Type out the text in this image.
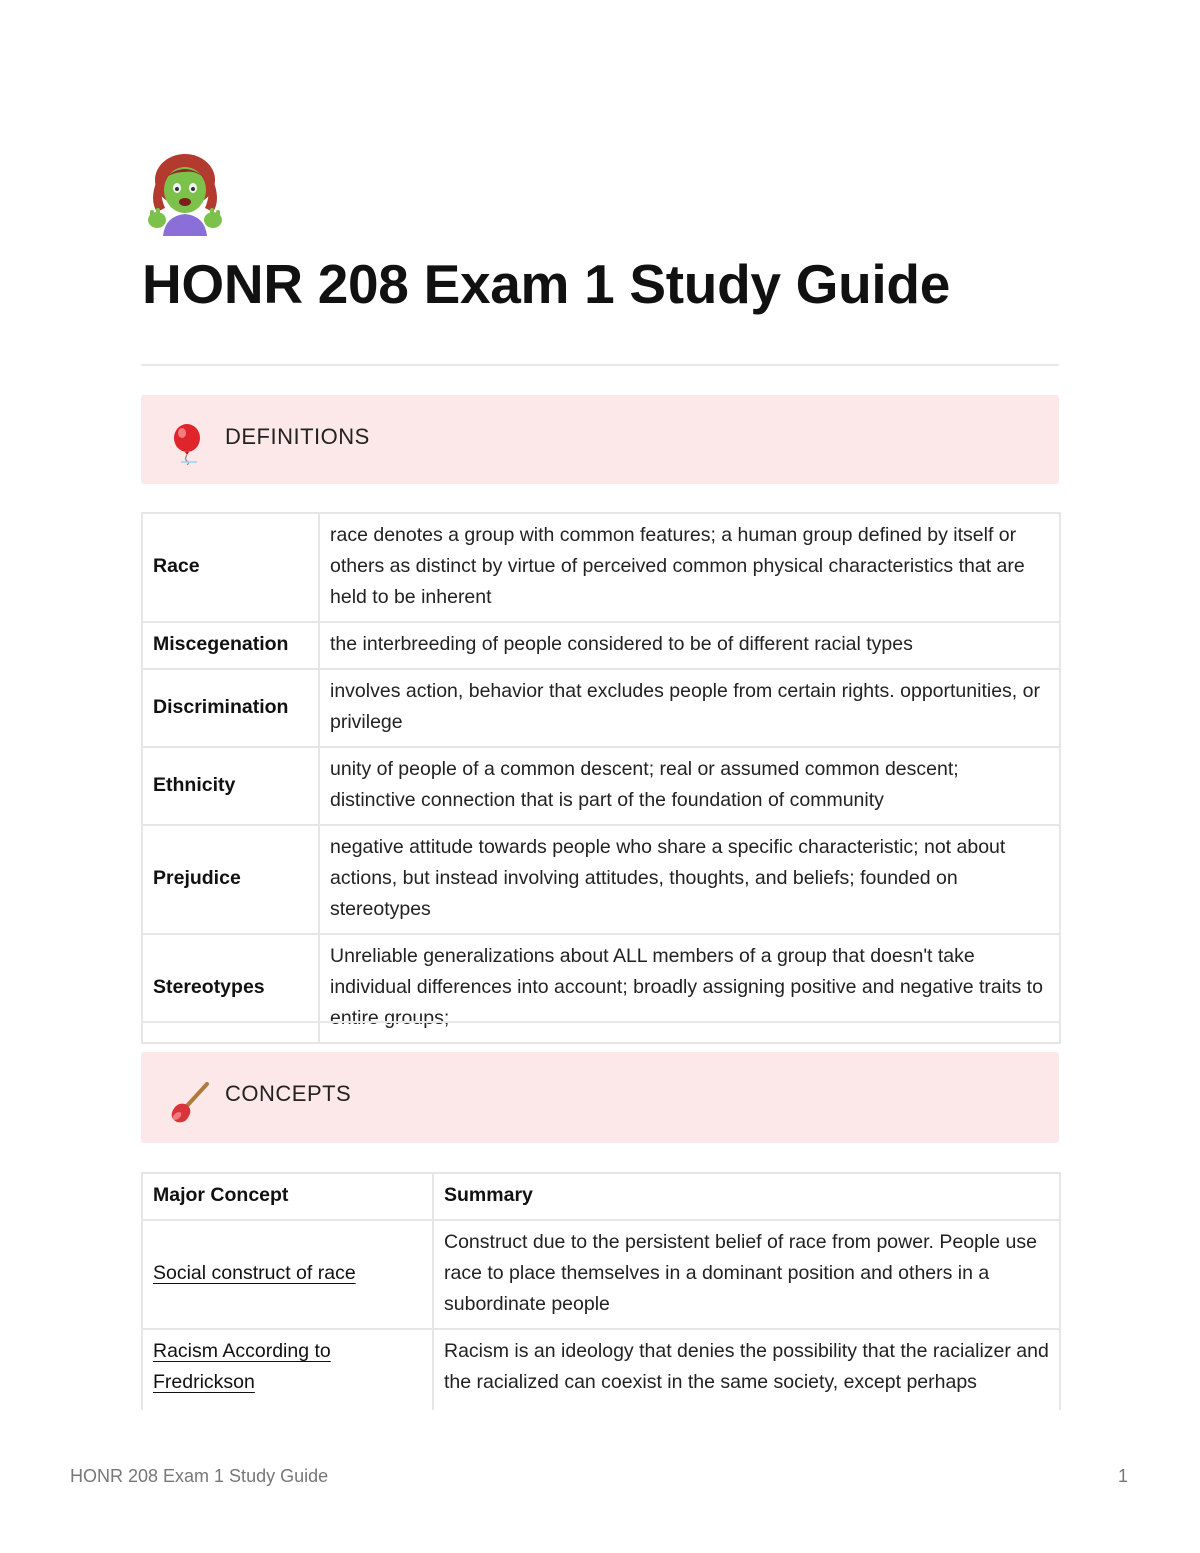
HONR 208 Exam 1 Study Guide
DEFINITIONS
Race	race denotes a group with common features; a human group defined by itself or others as distinct by virtue of perceived common physical characteristics that are held to be inherent
Miscegenation	the interbreeding of people considered to be of different racial types
Discrimination	involves action, behavior that excludes people from certain rights. opportunities, or privilege
Ethnicity	unity of people of a common descent; real or assumed common descent; distinctive connection that is part of the foundation of community
Prejudice	negative attitude towards people who share a specific characteristic; not about actions, but instead involving attitudes, thoughts, and beliefs; founded on stereotypes
Stereotypes	Unreliable generalizations about ALL members of a group that doesn't take individual differences into account; broadly assigning positive and negative traits to entire groups;
CONCEPTS
Major Concept	Summary
Social construct of race	Construct due to the persistent belief of race from power. People use race to place themselves in a dominant position and others in a subordinate people
Racism According to Fredrickson	Racism is an ideology that denies the possibility that the racializer and the racialized can coexist in the same society, except perhaps
HONR 208 Exam 1 Study Guide	1
